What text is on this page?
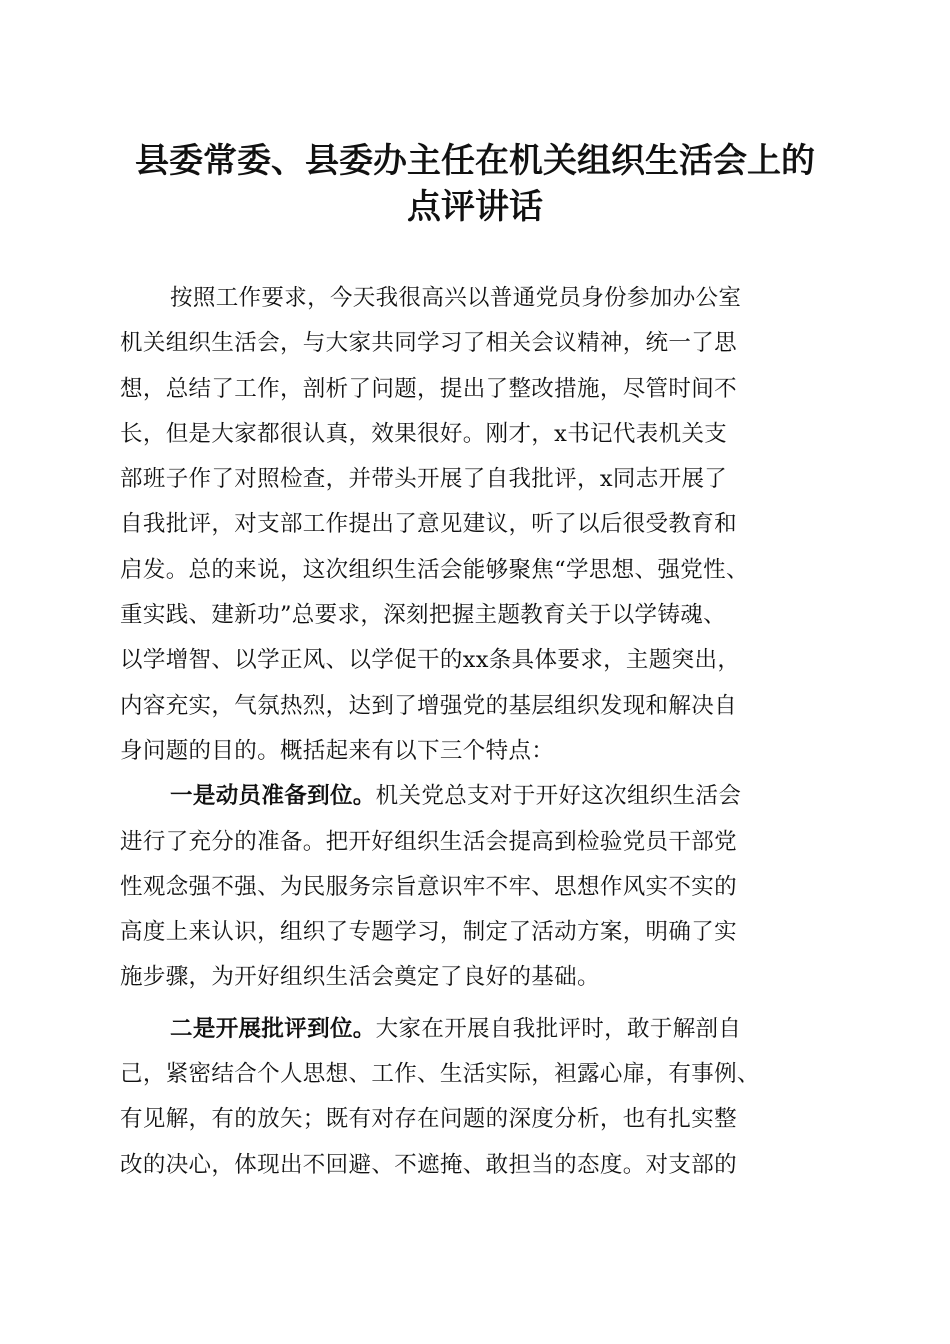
县委常委、县委办主任在机关组织生活会上的
点评讲话

按照工作要求，今天我很高兴以普通党员身份参加办公室
机关组织生活会，与大家共同学习了相关会议精神，统一了思
想，总结了工作，剖析了问题，提出了整改措施，尽管时间不
长，但是大家都很认真，效果很好。刚才，x书记代表机关支
部班子作了对照检查，并带头开展了自我批评，x同志开展了
自我批评，对支部工作提出了意见建议，听了以后很受教育和
启发。总的来说，这次组织生活会能够聚焦“学思想、强党性、
重实践、建新功”总要求，深刻把握主题教育关于以学铸魂、
以学增智、以学正风、以学促干的xx条具体要求，主题突出，
内容充实，气氛热烈，达到了增强党的基层组织发现和解决自
身问题的目的。概括起来有以下三个特点：

一是动员准备到位。机关党总支对于开好这次组织生活会
进行了充分的准备。把开好组织生活会提高到检验党员干部党
性观念强不强、为民服务宗旨意识牢不牢、思想作风实不实的
高度上来认识，组织了专题学习，制定了活动方案，明确了实
施步骤，为开好组织生活会奠定了良好的基础。

二是开展批评到位。大家在开展自我批评时，敢于解剖自
己，紧密结合个人思想、工作、生活实际，袒露心扉，有事例、
有见解，有的放矢；既有对存在问题的深度分析，也有扎实整
改的决心，体现出不回避、不遮掩、敢担当的态度。对支部的
